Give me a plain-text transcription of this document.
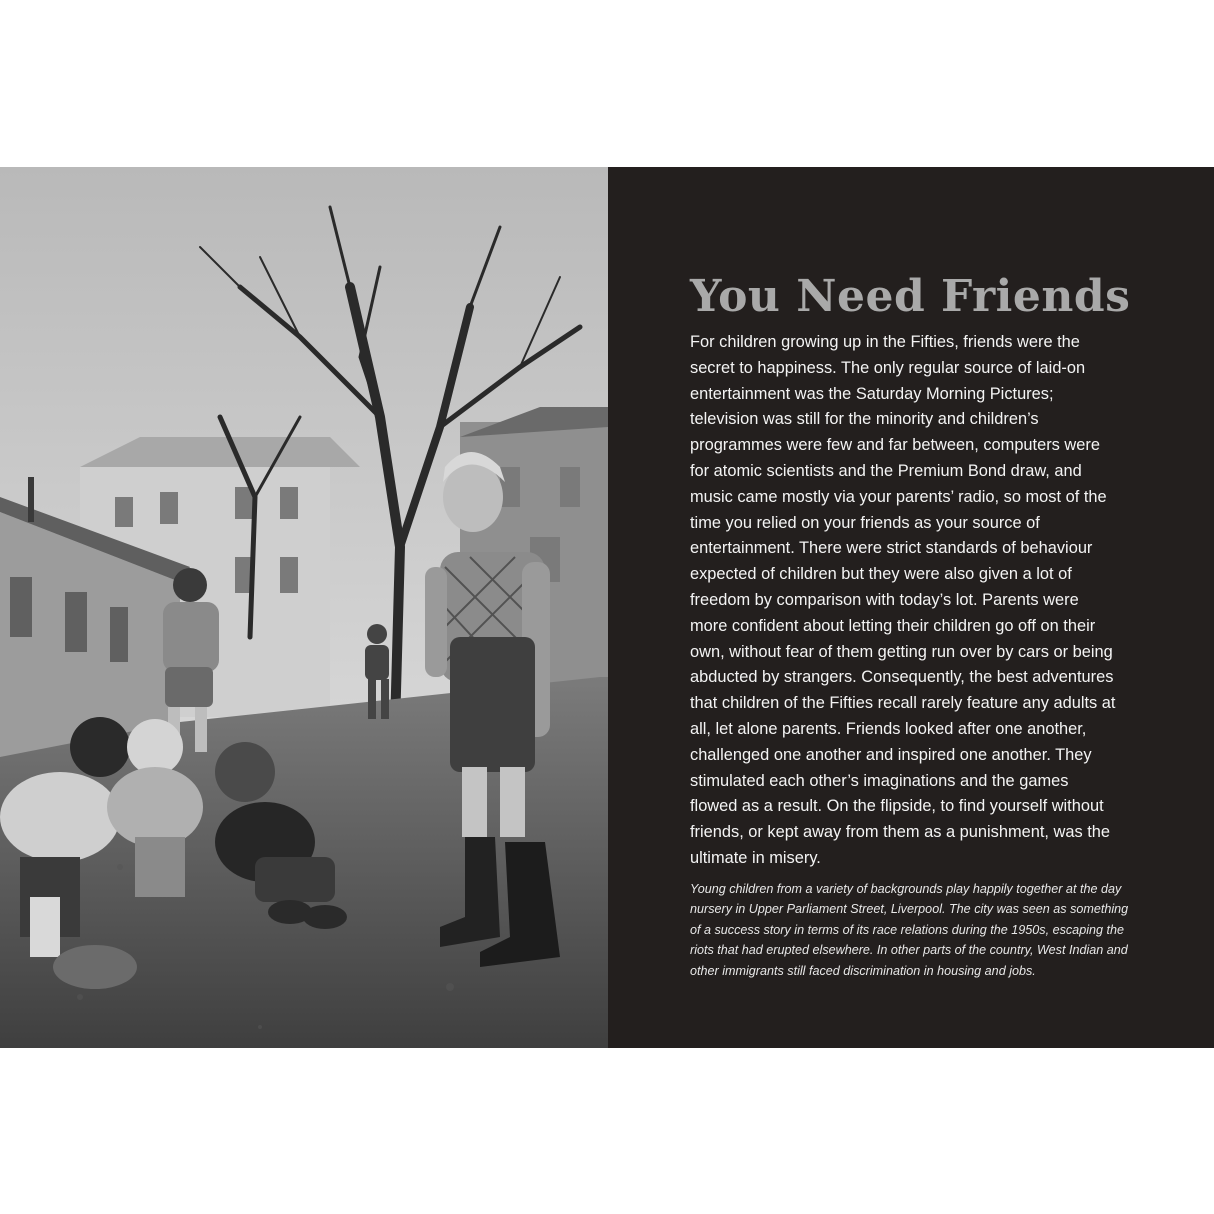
You Need Friends

For children growing up in the Fifties, friends were the secret to happiness. The only regular source of laid-on entertainment was the Saturday Morning Pictures; television was still for the minority and children’s programmes were few and far between, computers were for atomic scientists and the Premium Bond draw, and music came mostly via your parents’ radio, so most of the time you relied on your friends as your source of entertainment. There were strict standards of behaviour expected of children but they were also given a lot of freedom by comparison with today’s lot. Parents were more confident about letting their children go off on their own, without fear of them getting run over by cars or being abducted by strangers. Consequently, the best adventures that children of the Fifties recall rarely feature any adults at all, let alone parents. Friends looked after one another, challenged one another and inspired one another. They stimulated each other’s imaginations and the games flowed as a result. On the flipside, to find yourself without friends, or kept away from them as a punishment, was the ultimate in misery.

Young children from a variety of backgrounds play happily together at the day nursery in Upper Parliament Street, Liverpool. The city was seen as something of a success story in terms of its race relations during the 1950s, escaping the riots that had erupted elsewhere. In other parts of the country, West Indian and other immigrants still faced discrimination in housing and jobs.
